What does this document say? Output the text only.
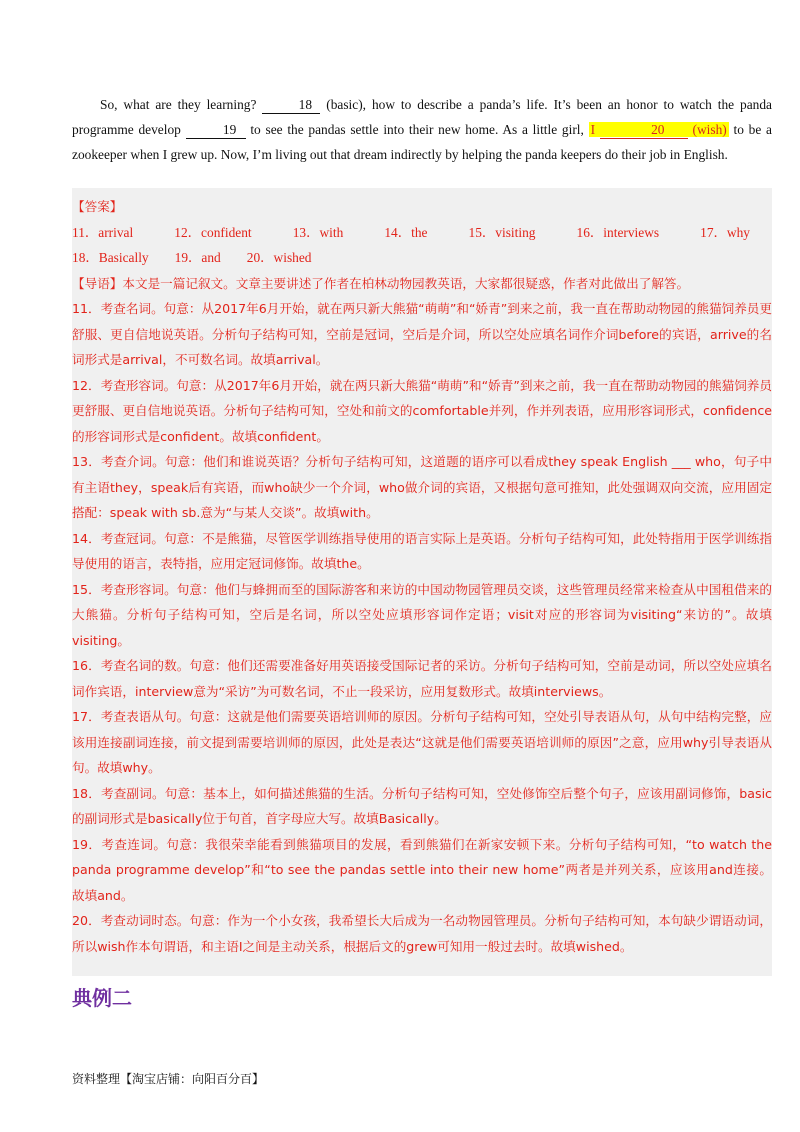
So, what are they learning?	18 (basic), how to describe a panda’s life. It’s been an honor to watch the panda programme develop	19 to see the pandas settle into their new home. As a little girl, I	20 (wish) to be a zookeeper when I grew up. Now, I’m living out that dream indirectly by helping the panda keepers do their job in English.

【答案】
11．arrival	12．confident	13．with	14．the	15．visiting	16．interviews	17．why 18．Basically 19．and 20．wished
【导语】本文是一篇记叙文。文章主要讲述了作者在柏林动物园教英语，大家都很疑惑，作者对此做出了解答。
11．考查名词。句意：从2017年6月开始，就在两只新大熊猫“萌萌”和“娇青”到来之前，我一直在帮助动物园的熊猫饲养员更舒服、更自信地说英语。分析句子结构可知，空前是冠词，空后是介词，所以空处应填名词作介词before的宾语，arrive的名词形式是arrival，不可数名词。故填arrival。
12．考查形容词。句意：从2017年6月开始，就在两只新大熊猫“萌萌”和“娇青”到来之前，我一直在帮助动物园的熊猫饲养员更舒服、更自信地说英语。分析句子结构可知，空处和前文的comfortable并列，作并列表语，应用形容词形式，confidence的形容词形式是confident。故填confident。
13．考查介词。句意：他们和谁说英语？分析句子结构可知，这道题的语序可以看成they speak English ___ who，句子中有主语they，speak后有宾语，而who缺少一个介词，who做介词的宾语，又根据句意可推知，此处强调双向交流，应用固定搭配：speak with sb.意为“与某人交谈”。故填with。
14．考查冠词。句意：不是熊猫，尽管医学训练指导使用的语言实际上是英语。分析句子结构可知，此处特指用于医学训练指导使用的语言，表特指，应用定冠词修饰。故填the。
15．考查形容词。句意：他们与蜂拥而至的国际游客和来访的中国动物园管理员交谈，这些管理员经常来检查从中国租借来的大熊猫。分析句子结构可知，空后是名词，所以空处应填形容词作定语；visit对应的形容词为visiting“来访的”。故填visiting。
16．考查名词的数。句意：他们还需要准备好用英语接受国际记者的采访。分析句子结构可知，空前是动词，所以空处应填名词作宾语，interview意为“采访”为可数名词，不止一段采访，应用复数形式。故填interviews。
17．考查表语从句。句意：这就是他们需要英语培训师的原因。分析句子结构可知，空处引导表语从句，从句中结构完整，应该用连接副词连接，前文提到需要培训师的原因，此处是表达“这就是他们需要英语培训师的原因”之意，应用why引导表语从句。故填why。
18．考查副词。句意：基本上，如何描述熊猫的生活。分析句子结构可知，空处修饰空后整个句子，应该用副词修饰，basic的副词形式是basically位于句首，首字母应大写。故填Basically。
19．考查连词。句意：我很荣幸能看到熊猫项目的发展，看到熊猫们在新家安顿下来。分析句子结构可知，“to watch the panda programme develop”和“to see the pandas settle into their new home”两者是并列关系，应该用and连接。故填and。
20．考查动词时态。句意：作为一个小女孩，我希望长大后成为一名动物园管理员。分析句子结构可知，本句缺少谓语动词，所以wish作本句谓语，和主语I之间是主动关系，根据后文的grew可知用一般过去时。故填wished。
典例二
资料整理【淘宝店铺：向阳百分百】
